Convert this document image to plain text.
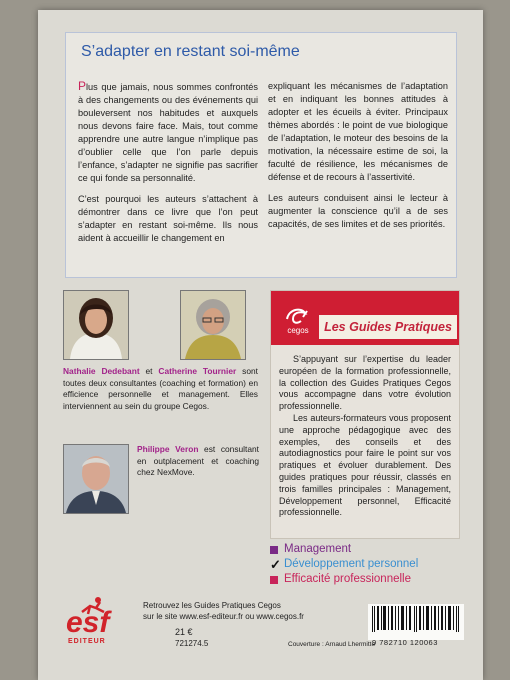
S’adapter en restant soi-même

Plus que jamais, nous sommes confrontés à des changements ou des événements qui bouleversent nos habitudes et auxquels nous devons faire face. Mais, tout comme apprendre une autre langue n’implique pas d’oublier celle que l’on parle depuis l’enfance, s’adapter ne signifie pas sacrifier ce qui fonde sa personnalité.

C’est pourquoi les auteurs s’attachent à démontrer dans ce livre que l’on peut s’adapter en restant soi-même. Ils nous aident à accueillir le changement en

expliquant les mécanismes de l’adaptation et en indiquant les bonnes attitudes à adopter et les écueils à éviter. Principaux thèmes abordés : le point de vue biologique de l’adaptation, le moteur des besoins de la motivation, la nécessaire estime de soi, la faculté de résilience, les mécanismes de défense et de recours à l’assertivité.

Les auteurs conduisent ainsi le lecteur à augmenter la conscience qu’il a de ses capacités, de ses limites et de ses priorités.

Nathalie Dedebant et Catherine Tournier sont toutes deux consultantes (coaching et formation) en efficience personnelle et management. Elles interviennent au sein du groupe Cegos.
Philippe Veron est consultant en outplacement et coaching chez NexMove.
cegos	Les Guides Pratiques

S’appuyant sur l’expertise du leader européen de la formation professionnelle, la collection des Guides Pratiques Cegos vous accompagne dans votre évolution professionnelle.

Les auteurs-formateurs vous proposent une approche pédagogique avec des exemples, des conseils et des autodiagnostics pour faire le point sur vos pratiques et évoluer durablement. Des guides pratiques pour réussir, classés en trois familles principales : Management, Développement personnel, Efficacité professionnelle.

Management
✓ Développement personnel
Efficacité professionnelle
esf
EDITEUR
Retrouvez les Guides Pratiques Cegos
sur le site www.esf-editeur.fr ou www.cegos.fr
21 €
721274.5	Couverture : Arnaud Lhermitte
9 782710 120063
